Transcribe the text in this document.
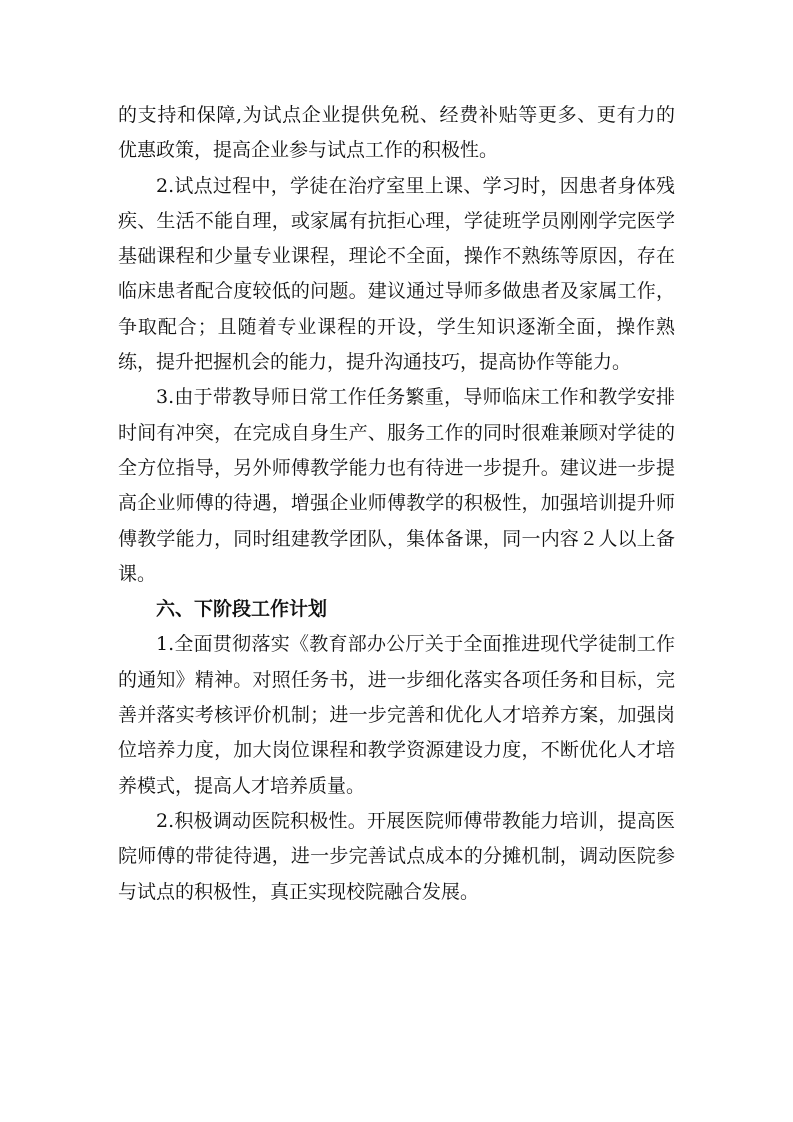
的支持和保障,为试点企业提供免税、经费补贴等更多、更有力的优惠政策，提高企业参与试点工作的积极性。

2.试点过程中，学徒在治疗室里上课、学习时，因患者身体残疾、生活不能自理，或家属有抗拒心理，学徒班学员刚刚学完医学基础课程和少量专业课程，理论不全面，操作不熟练等原因，存在临床患者配合度较低的问题。建议通过导师多做患者及家属工作，争取配合；且随着专业课程的开设，学生知识逐渐全面，操作熟练，提升把握机会的能力，提升沟通技巧，提高协作等能力。

3.由于带教导师日常工作任务繁重，导师临床工作和教学安排时间有冲突，在完成自身生产、服务工作的同时很难兼顾对学徒的全方位指导，另外师傅教学能力也有待进一步提升。建议进一步提高企业师傅的待遇，增强企业师傅教学的积极性，加强培训提升师傅教学能力，同时组建教学团队，集体备课，同一内容２人以上备课。

六、下阶段工作计划

1.全面贯彻落实《教育部办公厅关于全面推进现代学徒制工作的通知》精神。对照任务书，进一步细化落实各项任务和目标，完善并落实考核评价机制；进一步完善和优化人才培养方案，加强岗位培养力度，加大岗位课程和教学资源建设力度，不断优化人才培养模式，提高人才培养质量。

2.积极调动医院积极性。开展医院师傅带教能力培训，提高医院师傅的带徒待遇，进一步完善试点成本的分摊机制，调动医院参与试点的积极性，真正实现校院融合发展。
